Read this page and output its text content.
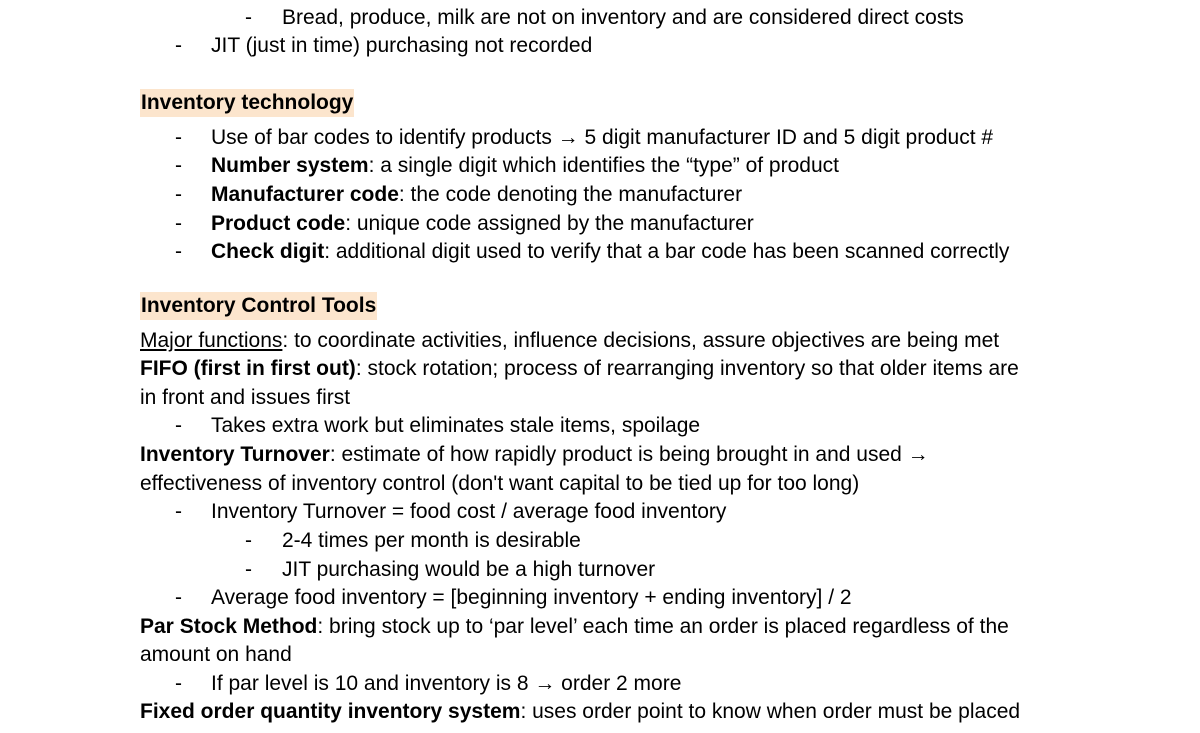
- Bread, produce, milk are not on inventory and are considered direct costs
- JIT (just in time) purchasing not recorded
Inventory technology
- Use of bar codes to identify products → 5 digit manufacturer ID and 5 digit product #
- Number system: a single digit which identifies the “type” of product
- Manufacturer code: the code denoting the manufacturer
- Product code: unique code assigned by the manufacturer
- Check digit: additional digit used to verify that a bar code has been scanned correctly
Inventory Control Tools
Major functions: to coordinate activities, influence decisions, assure objectives are being met
FIFO (first in first out): stock rotation; process of rearranging inventory so that older items are
in front and issues first
- Takes extra work but eliminates stale items, spoilage
Inventory Turnover: estimate of how rapidly product is being brought in and used →
effectiveness of inventory control (don't want capital to be tied up for too long)
- Inventory Turnover = food cost / average food inventory
- 2-4 times per month is desirable
- JIT purchasing would be a high turnover
- Average food inventory = [beginning inventory + ending inventory] / 2
Par Stock Method: bring stock up to ‘par level’ each time an order is placed regardless of the
amount on hand
- If par level is 10 and inventory is 8 → order 2 more
Fixed order quantity inventory system: uses order point to know when order must be placed
